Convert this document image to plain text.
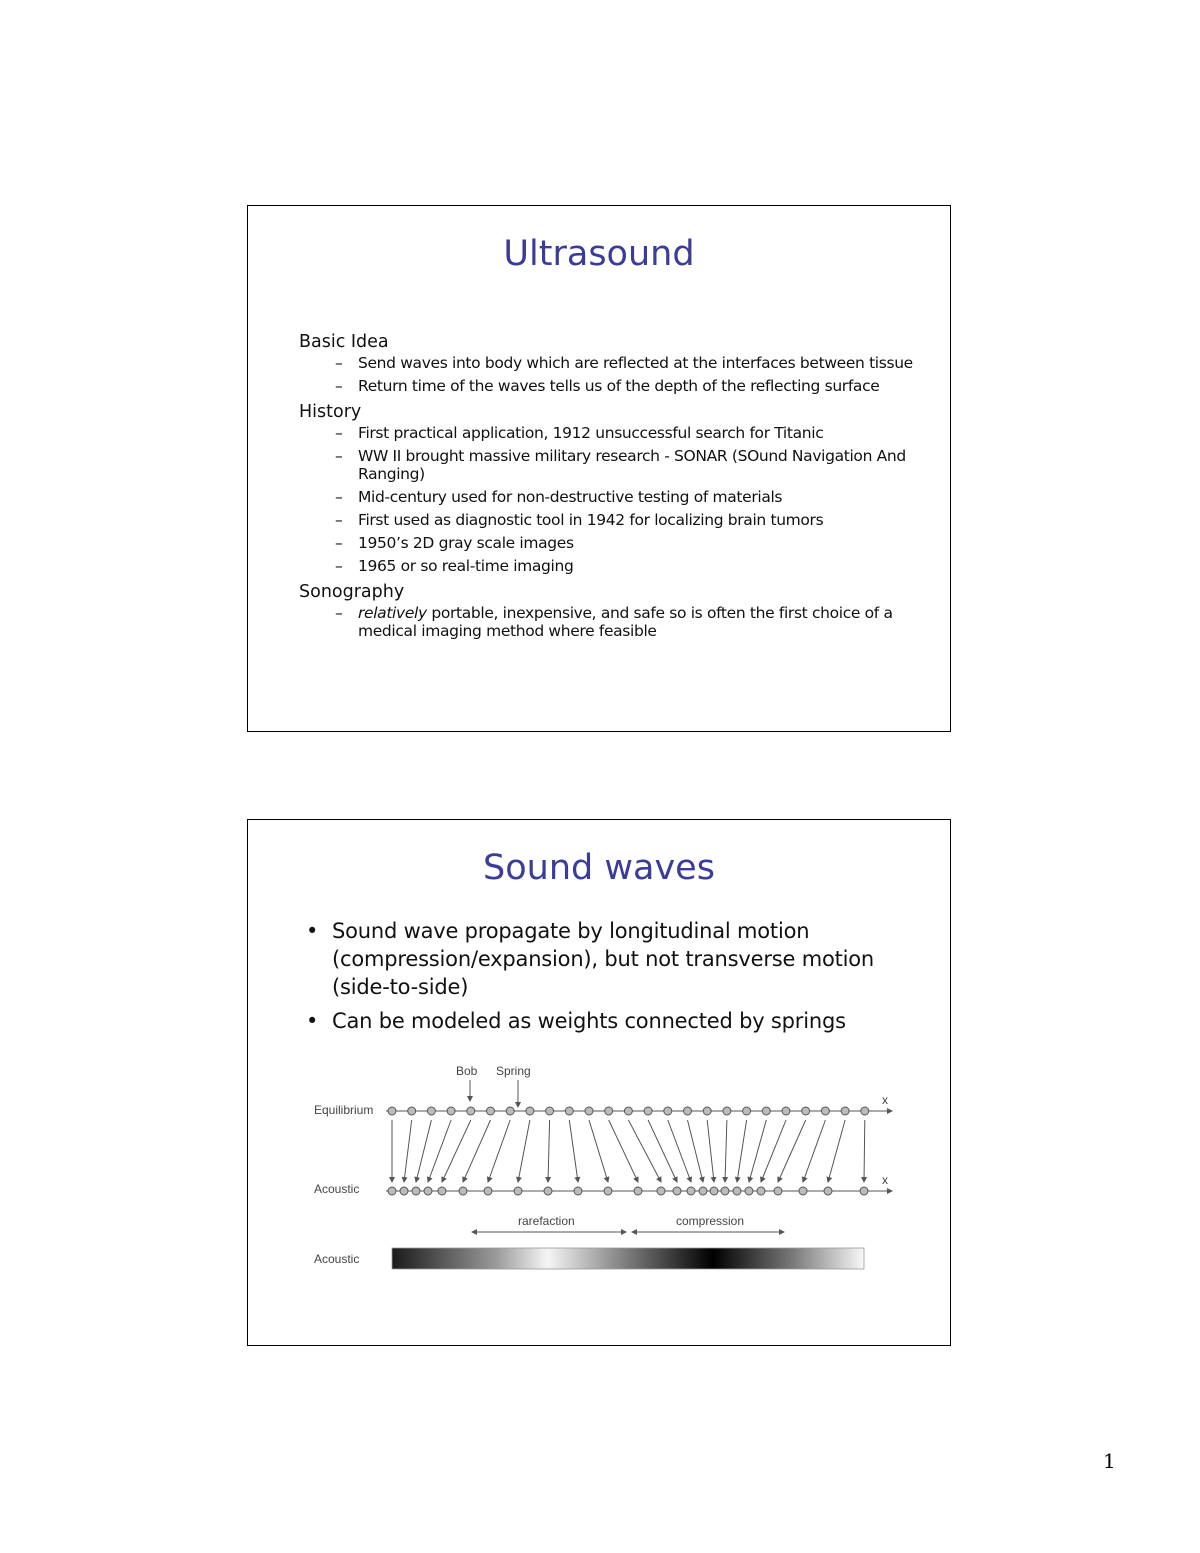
Ultrasound
Basic Idea
– Send waves into body which are reflected at the interfaces between tissue
– Return time of the waves tells us of the depth of the reflecting surface
History
– First practical application, 1912 unsuccessful search for Titanic
– WW II brought massive military research - SONAR (SOund Navigation And Ranging)
– Mid-century used for non-destructive testing of materials
– First used as diagnostic tool in 1942 for localizing brain tumors
– 1950’s 2D gray scale images
– 1965 or so real-time imaging
Sonography
– relatively portable, inexpensive, and safe so is often the first choice of a medical imaging method where feasible
Sound waves
• Sound wave propagate by longitudinal motion (compression/expansion), but not transverse motion (side-to-side)
• Can be modeled as weights connected by springs
Bob Spring
Equilibrium
x
Acoustic
x
rarefaction	compression
Acoustic
1
